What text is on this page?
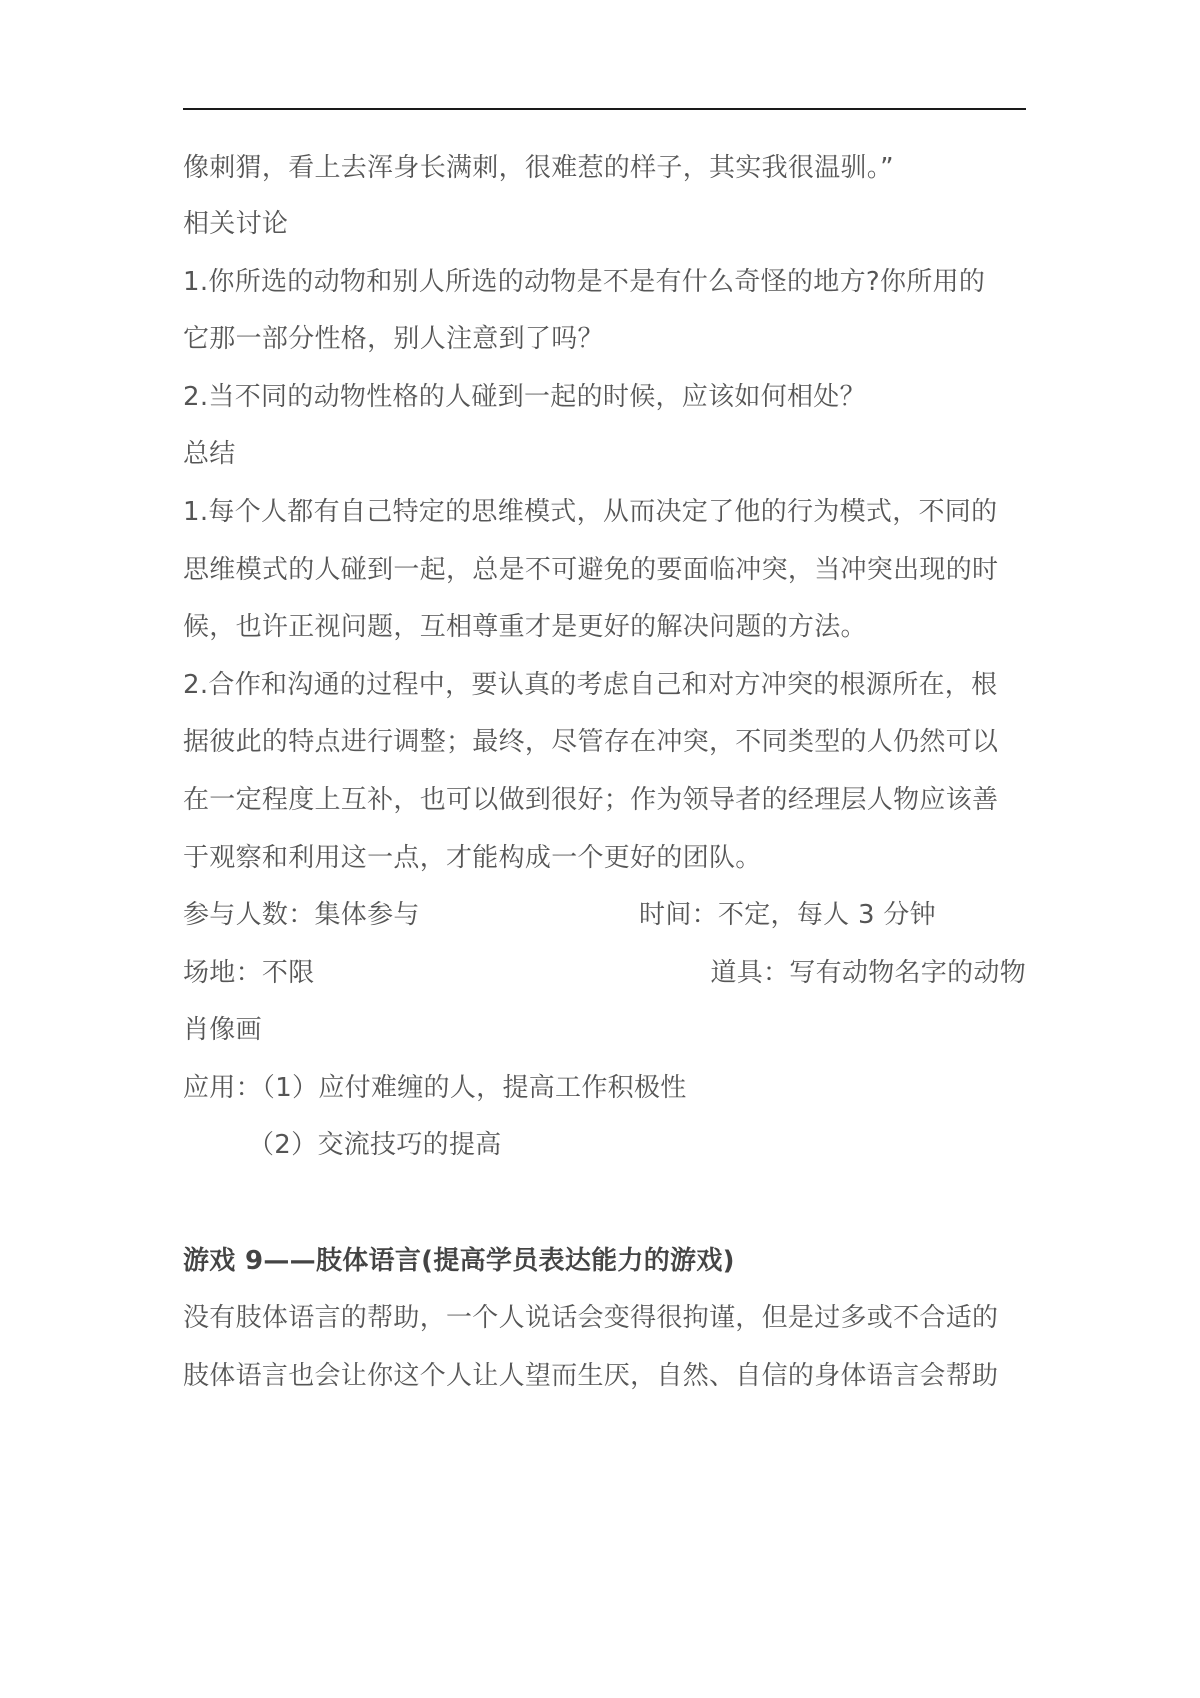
像刺猬，看上去浑身长满刺，很难惹的样子，其实我很温驯。”
相关讨论
1.你所选的动物和别人所选的动物是不是有什么奇怪的地方?你所用的
它那一部分性格，别人注意到了吗？
2.当不同的动物性格的人碰到一起的时候，应该如何相处？
总结
1.每个人都有自己特定的思维模式，从而决定了他的行为模式，不同的
思维模式的人碰到一起，总是不可避免的要面临冲突，当冲突出现的时
候，也许正视问题，互相尊重才是更好的解决问题的方法。
2.合作和沟通的过程中，要认真的考虑自己和对方冲突的根源所在，根
据彼此的特点进行调整；最终，尽管存在冲突，不同类型的人仍然可以
在一定程度上互补，也可以做到很好；作为领导者的经理层人物应该善
于观察和利用这一点，才能构成一个更好的团队。
参与人数：集体参与	时间：不定，每人 3 分钟
场地：不限	道具：写有动物名字的动物
肖像画
应用：（1）应付难缠的人，提高工作积极性
（2）交流技巧的提高
游戏 9——肢体语言(提高学员表达能力的游戏)
没有肢体语言的帮助，一个人说话会变得很拘谨，但是过多或不合适的
肢体语言也会让你这个人让人望而生厌，自然、自信的身体语言会帮助
